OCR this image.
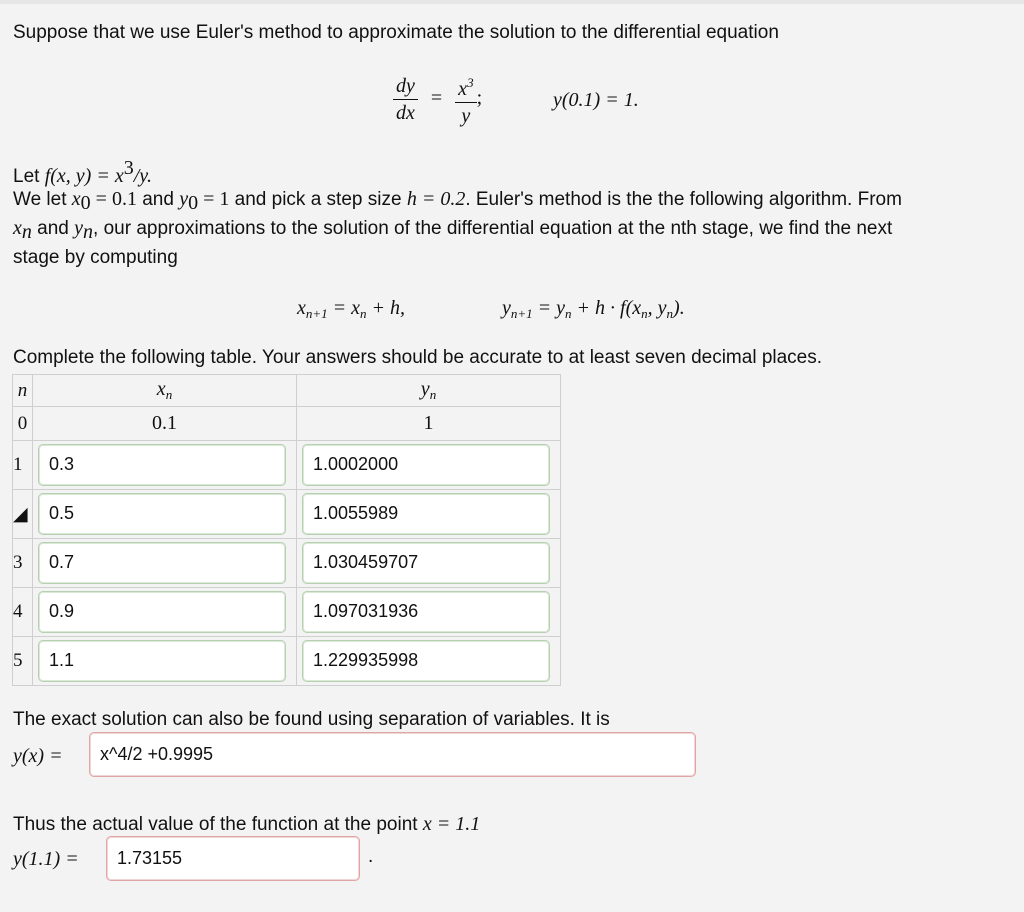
Suppose that we use Euler's method to approximate the solution to the differential equation
$\frac{dy}{dx} = \frac{x^3}{y}$ ;	y(0.1) = 1.
Let f(x, $y) = x^3/y$.
We let $x_0 = 0.1$ and $y_0 = 1$ and pick a step size h = 0.2. Euler's method is the the following algorithm. From
$x_n$ and $y_n$, our approximations to the solution of the differential equation at the nth stage, we find the next
stage by computing
$x_{n+1} = x_n + h$,	$y_{n+1} = y_n + h \cdot f(x_n$, $y_n$).
Complete the following table. Your answers should be accurate to at least seven decimal places.
n	$x_n$	$y_n$
0	0.1	1
1	0.3	1.0002000

◢	0.5	1.0055989

3	0.7	1.030459707

4	0.9	1.097031936

5	1.1	1.229935998
The exact solution can also be found using separation of variables. It is
y(x) =	x^4/2 +0.9995
Thus the actual value of the function at the point x = 1.1
y(1.1) =	1.73155	.
